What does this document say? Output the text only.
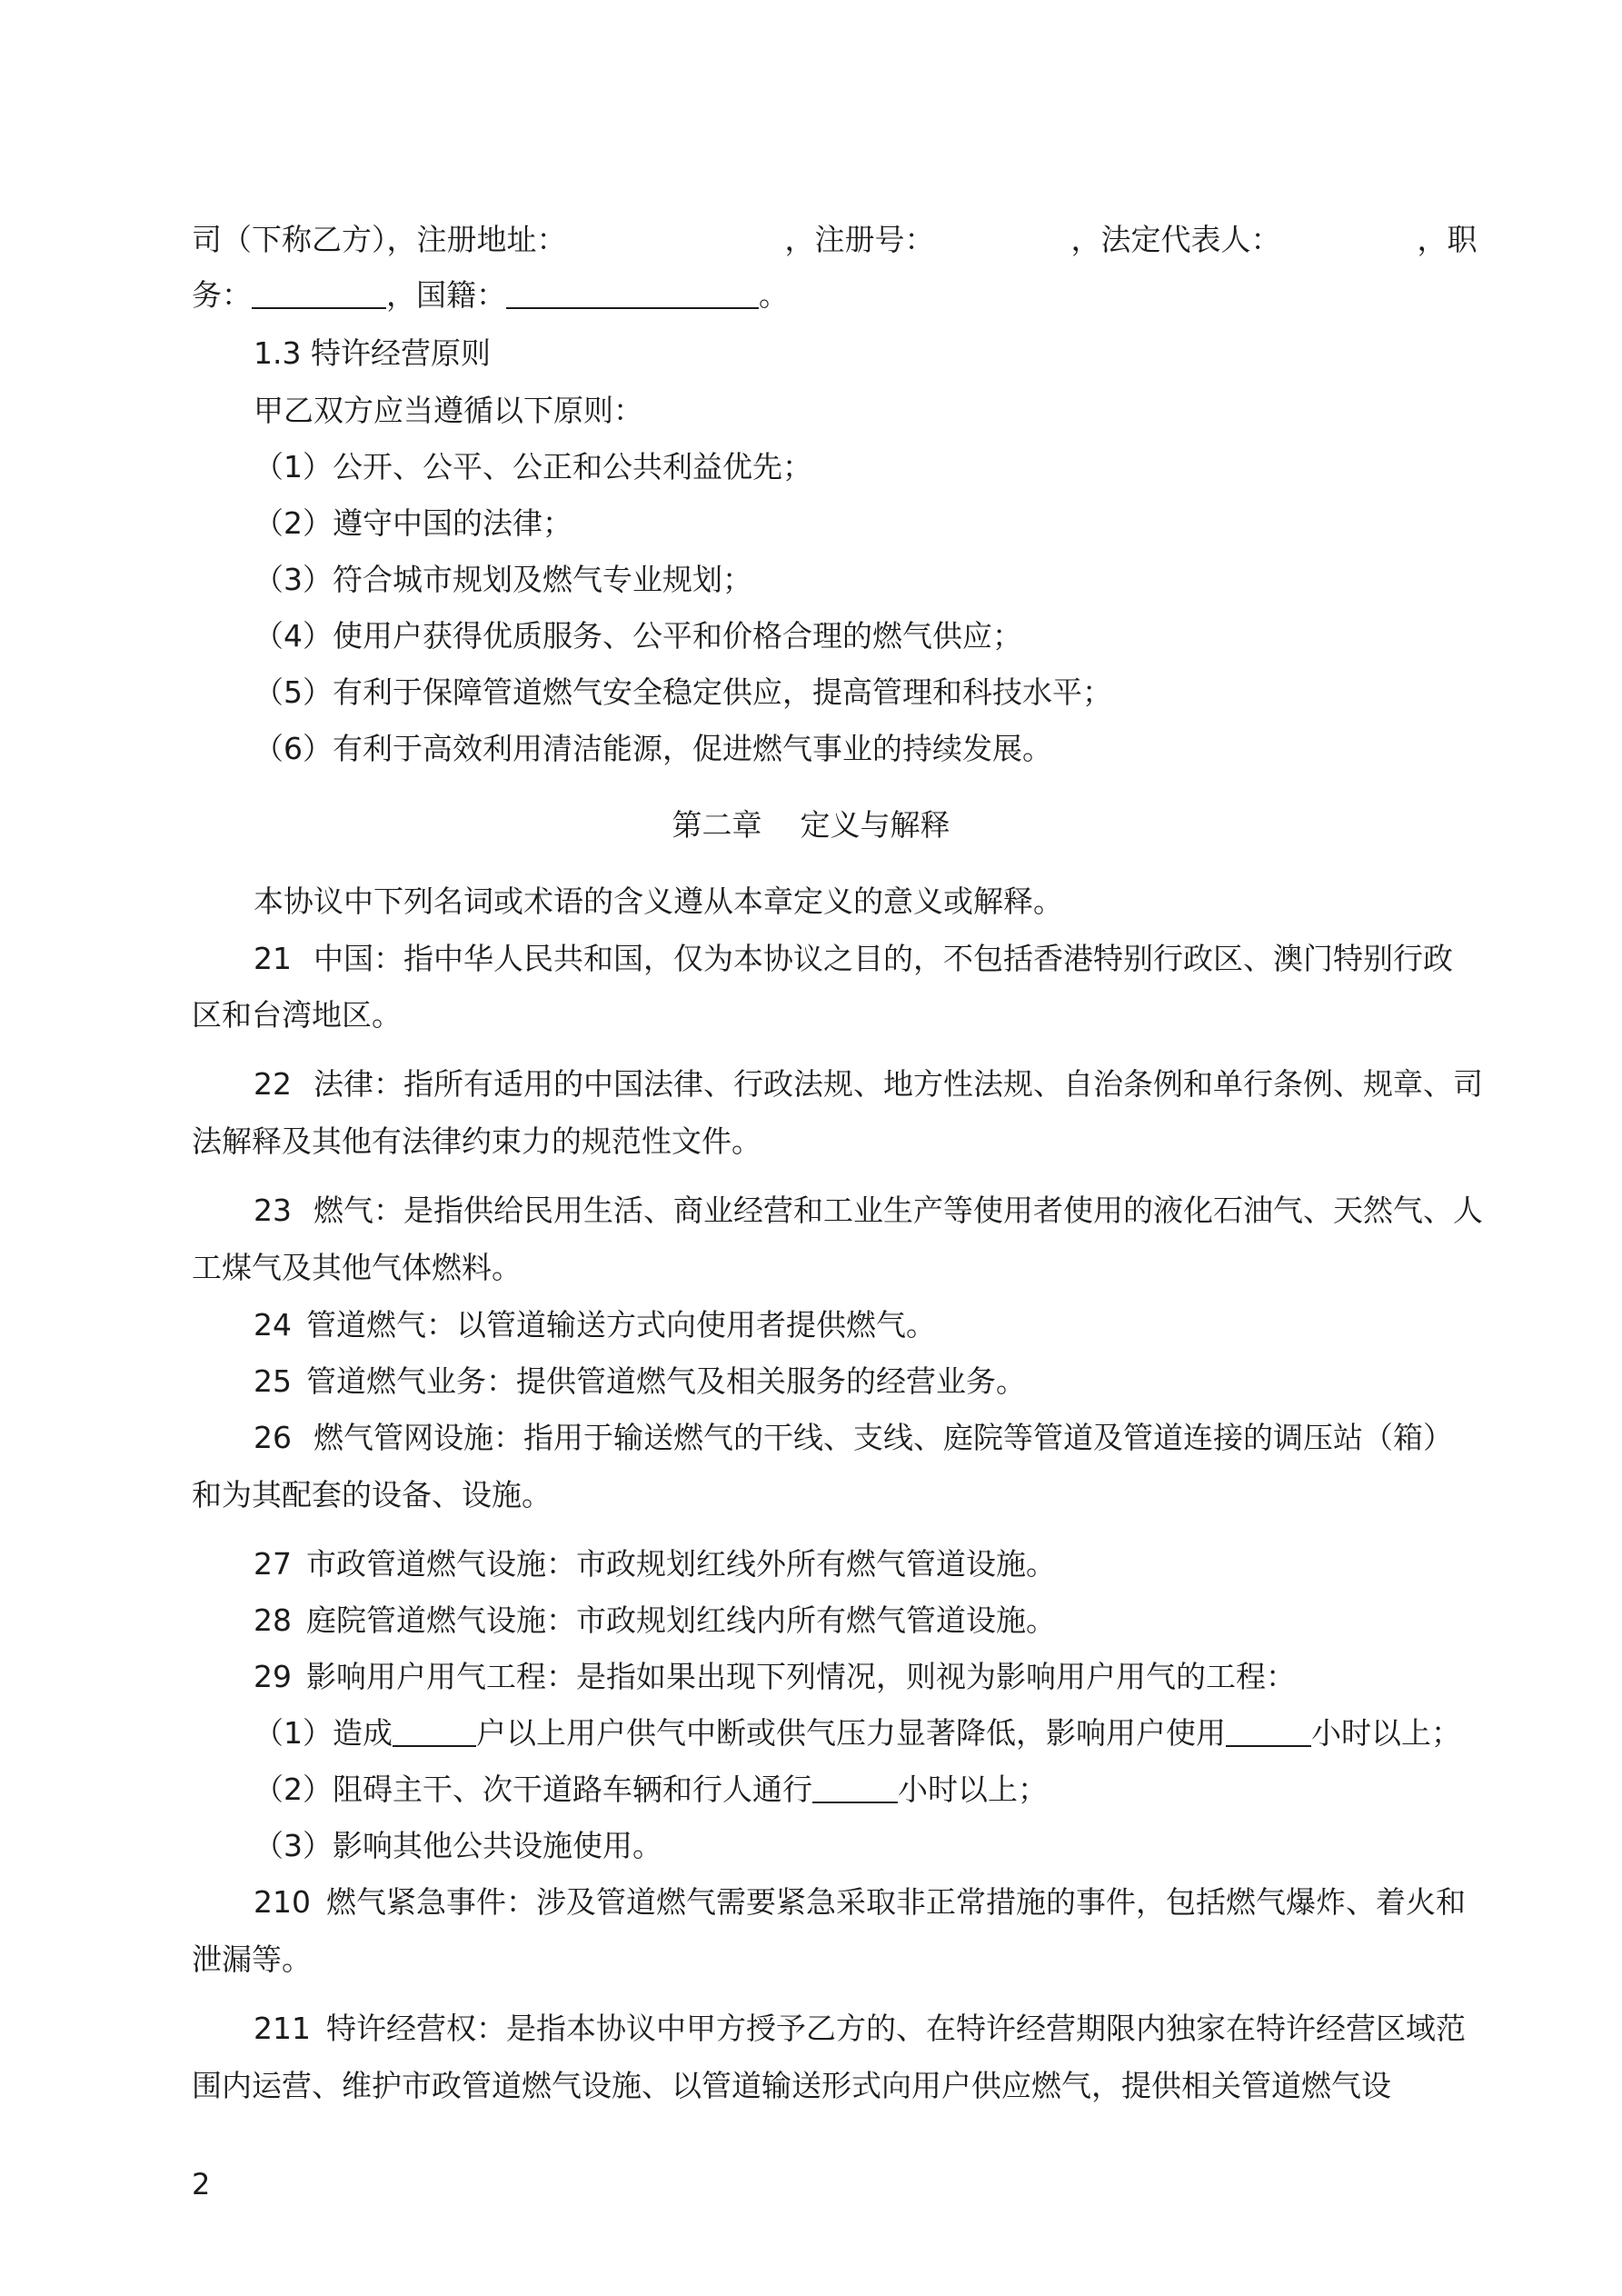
司（下称乙方），注册地址：	，注册号：	，法定代表人：	，职
务：	，国籍：	。
1.3 特许经营原则
甲乙双方应当遵循以下原则：
（1）公开、公平、公正和公共利益优先；
（2）遵守中国的法律；
（3）符合城市规划及燃气专业规划；
（4）使用户获得优质服务、公平和价格合理的燃气供应；
（5）有利于保障管道燃气安全稳定供应，提高管理和科技水平；
（6）有利于高效利用清洁能源，促进燃气事业的持续发展。
第二章    定义与解释
本协议中下列名词或术语的含义遵从本章定义的意义或解释。
21 中国：指中华人民共和国，仅为本协议之目的，不包括香港特别行政区、澳门特别行政
区和台湾地区。
22 法律：指所有适用的中国法律、行政法规、地方性法规、自治条例和单行条例、规章、司
法解释及其他有法律约束力的规范性文件。
23 燃气：是指供给民用生活、商业经营和工业生产等使用者使用的液化石油气、天然气、人
工煤气及其他气体燃料。
24 管道燃气：以管道输送方式向使用者提供燃气。
25 管道燃气业务：提供管道燃气及相关服务的经营业务。
26 燃气管网设施：指用于输送燃气的干线、支线、庭院等管道及管道连接的调压站（箱）
和为其配套的设备、设施。
27 市政管道燃气设施：市政规划红线外所有燃气管道设施。
28 庭院管道燃气设施：市政规划红线内所有燃气管道设施。
29 影响用户用气工程：是指如果出现下列情况，则视为影响用户用气的工程：
（1）造成	户以上用户供气中断或供气压力显著降低，影响用户使用	小时以上；
（2）阻碍主干、次干道路车辆和行人通行	小时以上；
（3）影响其他公共设施使用。
210 燃气紧急事件：涉及管道燃气需要紧急采取非正常措施的事件，包括燃气爆炸、着火和
泄漏等。
211 特许经营权：是指本协议中甲方授予乙方的、在特许经营期限内独家在特许经营区域范
围内运营、维护市政管道燃气设施、以管道输送形式向用户供应燃气，提供相关管道燃气设
2
